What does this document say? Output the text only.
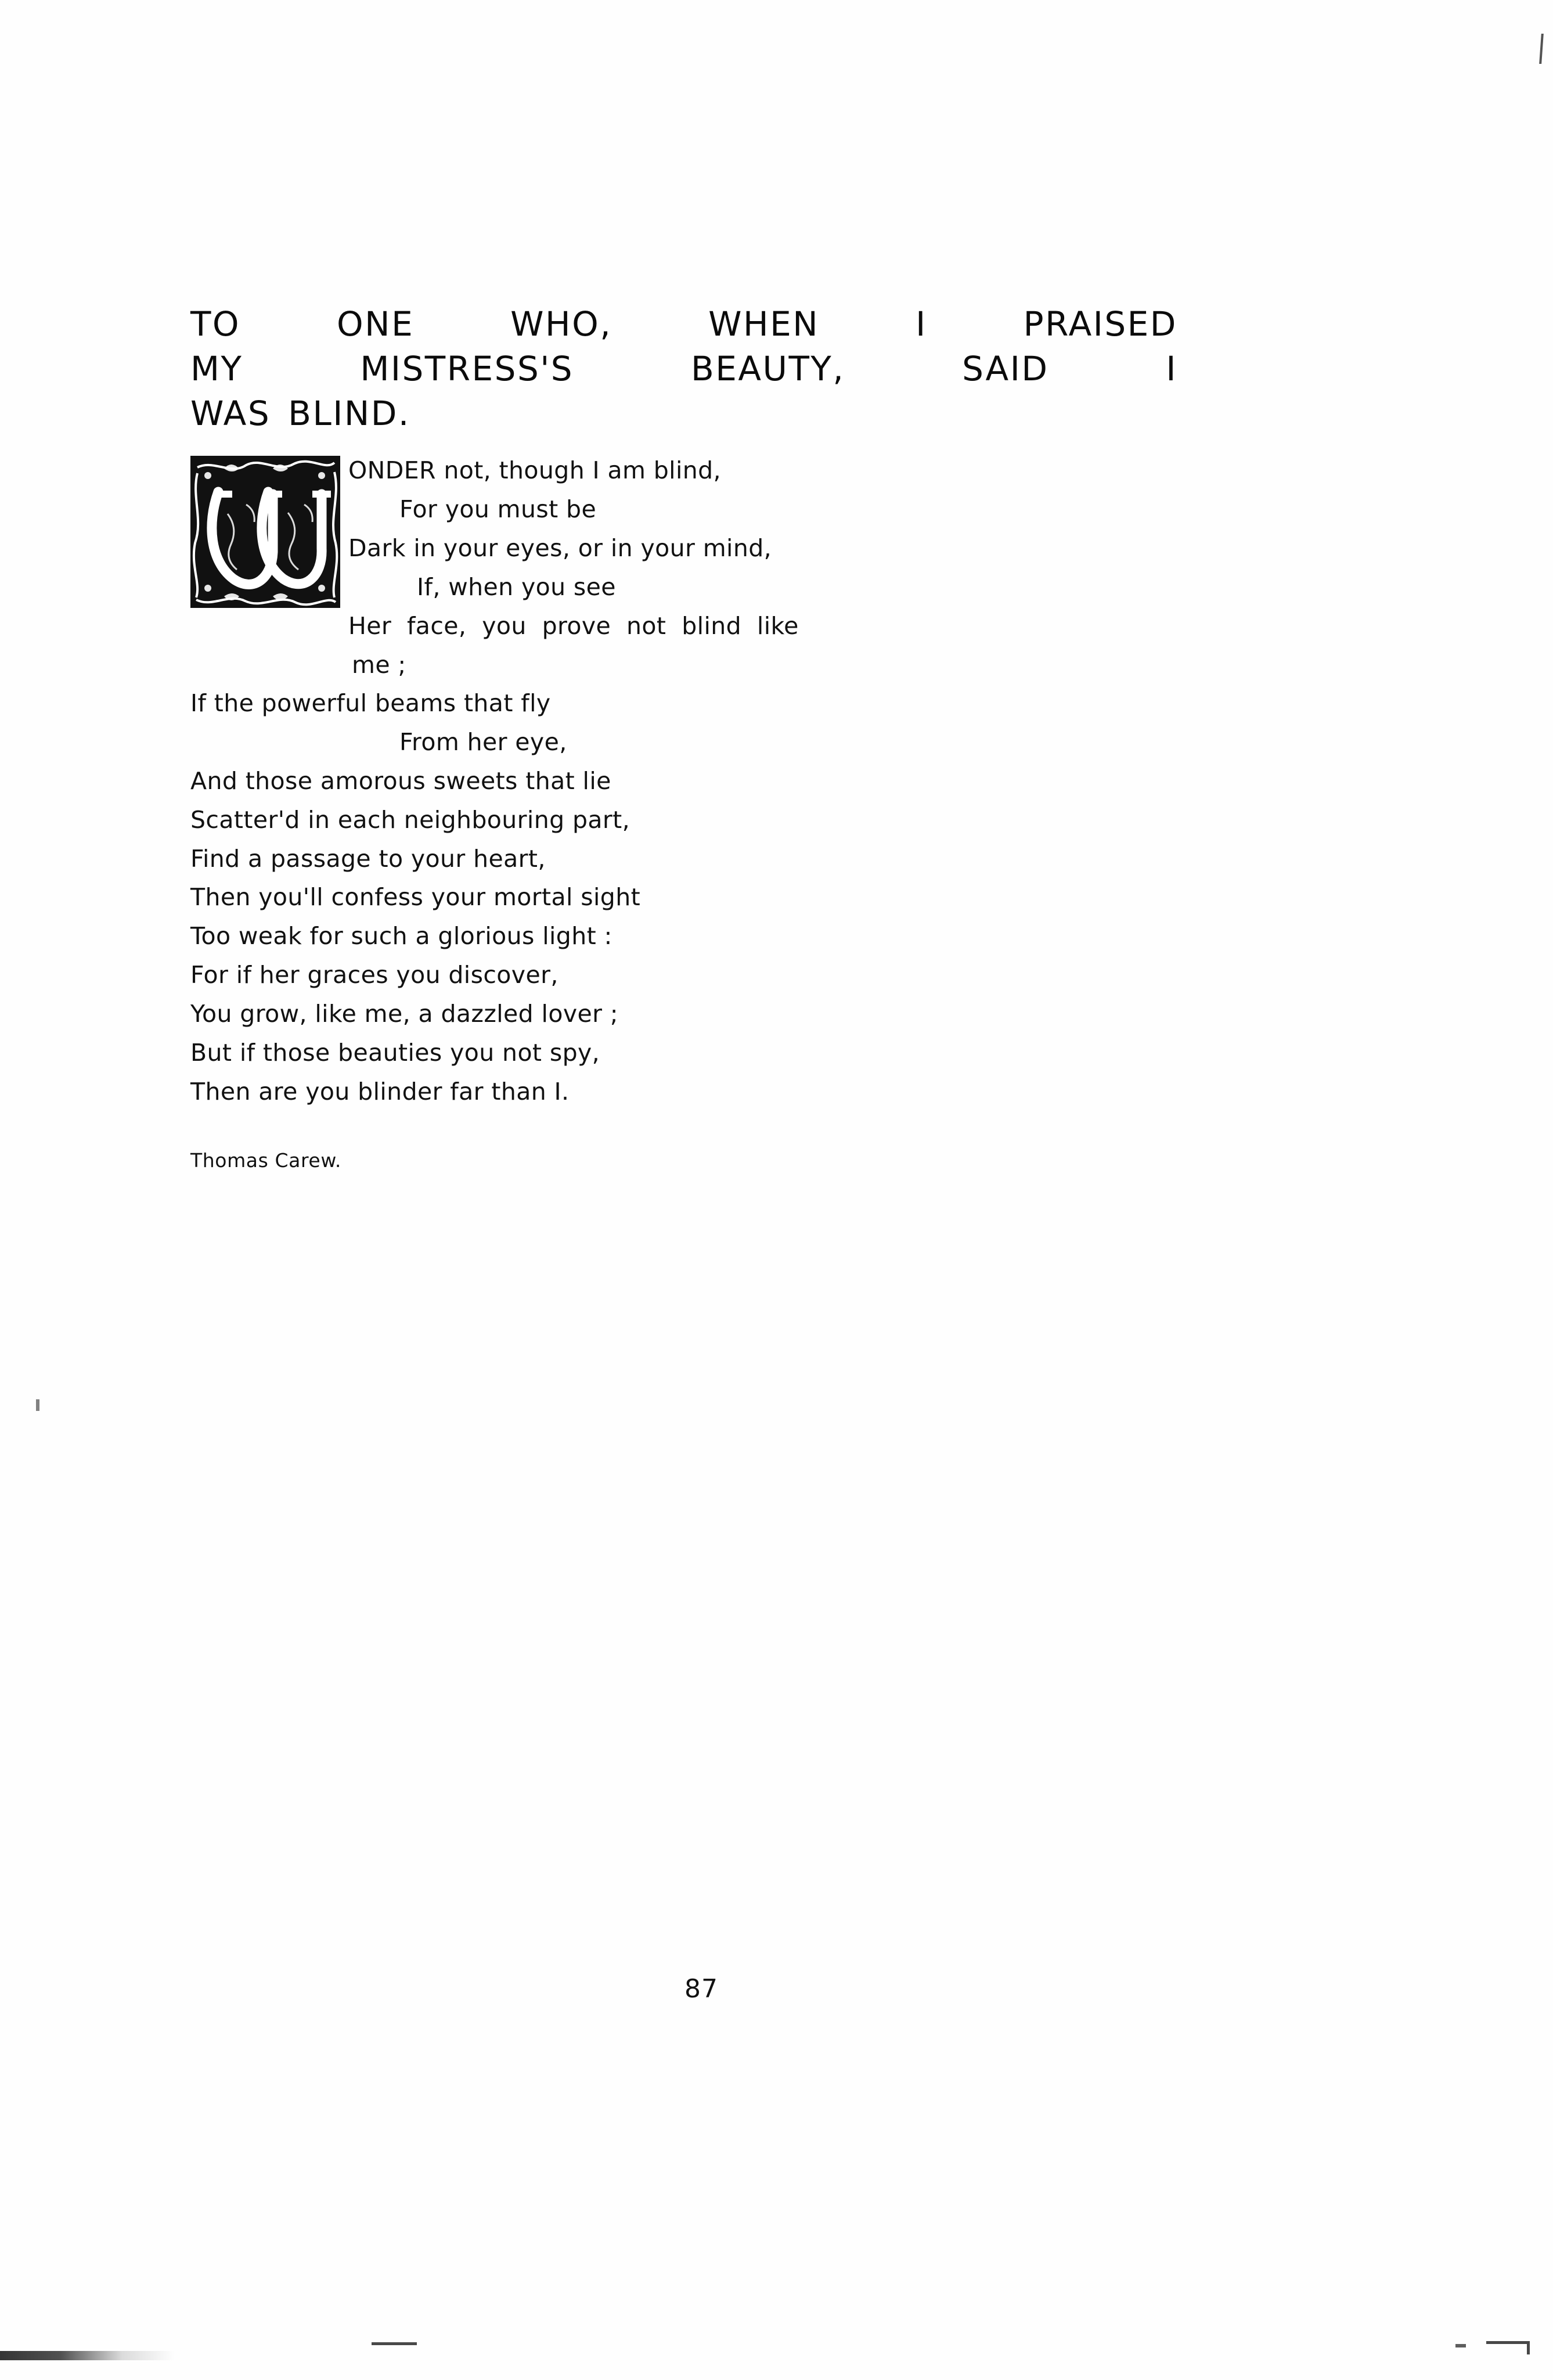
TO	ONE	WHO,	WHEN	I	PRAISED
MY	MISTRESS'S	BEAUTY,	SAID	I
WAS BLIND.
ONDER not, though I am blind,
For you must be
Dark in your eyes, or in your mind,
If, when you see
Her  face,  you  prove  not  blind  like
me ;
If the powerful beams that fly
From her eye,
And those amorous sweets that lie
Scatter'd in each neighbouring part,
Find a passage to your heart,
Then you'll confess your mortal sight
Too weak for such a glorious light :
For if her graces you discover,
You grow, like me, a dazzled lover ;
But if those beauties you not spy,
Then are you blinder far than I.
Thomas Carew.
87
